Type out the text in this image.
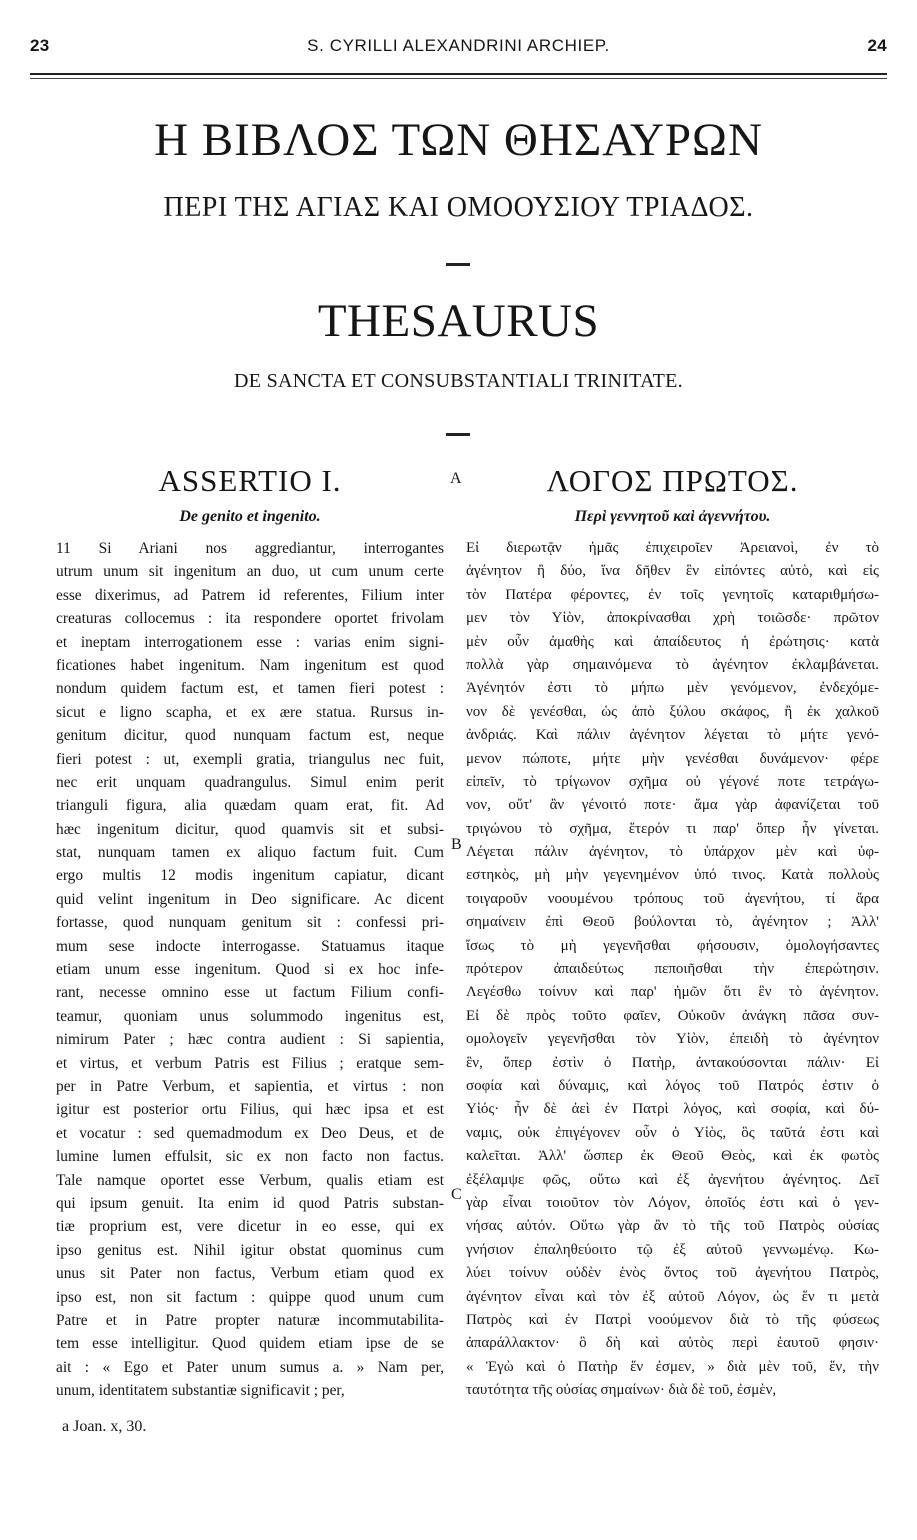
23	S. CYRILLI ALEXANDRINI ARCHIEP.	24
Η ΒΙΒΛΟΣ ΤΩΝ ΘΗΣΑΥΡΩΝ
ΠΕΡΙ ΤΗΣ ΑΓΙΑΣ ΚΑΙ ΟΜΟΟΥΣΙΟΥ ΤΡΙΑΔΟΣ.
THESAURUS
DE SANCTA ET CONSUBSTANTIALI TRINITATE.
ASSERTIO I.
De genito et ingenito.
ΛΟΓΟΣ ΠΡΩΤΟΣ.
Περὶ γεννητοῦ καὶ ἀγεννήτου.
A
B
C
11 Si Ariani nos aggrediantur, interrogantes
utrum unum sit ingenitum an duo, ut cum unum certe
esse dixerimus, ad Patrem id referentes, Filium inter
creaturas collocemus : ita respondere oportet frivolam
et ineptam interrogationem esse : varias enim signi-
ficationes habet ingenitum. Nam ingenitum est quod
nondum quidem factum est, et tamen fieri potest :
sicut e ligno scapha, et ex ære statua. Rursus in-
genitum dicitur, quod nunquam factum est, neque
fieri potest : ut, exempli gratia, triangulus nec fuit,
nec erit unquam quadrangulus. Simul enim perit
trianguli figura, alia quædam quam erat, fit. Ad
hæc ingenitum dicitur, quod quamvis sit et subsi-
stat, nunquam tamen ex aliquo factum fuit. Cum
ergo multis 12 modis ingenitum capiatur, dicant
quid velint ingenitum in Deo significare. Ac dicent
fortasse, quod nunquam genitum sit : confessi pri-
mum sese indocte interrogasse. Statuamus itaque
etiam unum esse ingenitum. Quod si ex hoc infe-
rant, necesse omnino esse ut factum Filium confi-
teamur, quoniam unus solummodo ingenitus est,
nimirum Pater ; hæc contra audient : Si sapientia,
et virtus, et verbum Patris est Filius ; eratque sem-
per in Patre Verbum, et sapientia, et virtus : non
igitur est posterior ortu Filius, qui hæc ipsa et est
et vocatur : sed quemadmodum ex Deo Deus, et de
lumine lumen effulsit, sic ex non facto non factus.
Tale namque oportet esse Verbum, qualis etiam est
qui ipsum genuit. Ita enim id quod Patris substan-
tiæ proprium est, vere dicetur in eo esse, qui ex
ipso genitus est. Nihil igitur obstat quominus cum
unus sit Pater non factus, Verbum etiam quod ex
ipso est, non sit factum : quippe quod unum cum
Patre et in Patre propter naturæ incommutabilita-
tem esse intelligitur. Quod quidem etiam ipse de se
ait : « Ego et Pater unum sumus a. » Nam per,
unum, identitatem substantiæ significavit ; per,
Εἰ διερωτᾷν ἡμᾶς ἐπιχειροῖεν Ἀρειανοὶ, ἐν τὸ
ἀγένητον ἢ δύο, ἵνα δῆθεν ἓν εἰπόντες αὐτὸ, καὶ εἰς
τὸν Πατέρα φέροντες, ἐν τοῖς γενητοῖς καταριθμήσω-
μεν τὸν Υἱὸν, ἀποκρίνασθαι χρὴ τοιῶσδε· πρῶτον
μὲν οὖν ἀμαθὴς καὶ ἀπαίδευτος ἡ ἐρώτησις· κατὰ
πολλὰ γὰρ σημαινόμενα τὸ ἀγένητον ἐκλαμβάνεται.
Ἀγένητόν ἐστι τὸ μήπω μὲν γενόμενον, ἐνδεχόμε-
νον δὲ γενέσθαι, ὡς ἀπὸ ξύλου σκάφος, ἢ ἐκ χαλκοῦ
ἀνδριάς. Καὶ πάλιν ἀγένητον λέγεται τὸ μήτε γενό-
μενον πώποτε, μήτε μὴν γενέσθαι δυνάμενον· φέρε
εἰπεῖν, τὸ τρίγωνον σχῆμα οὐ γέγονέ ποτε τετράγω-
νον, οὔτ' ἂν γένοιτό ποτε· ἅμα γὰρ ἀφανίζεται τοῦ
τριγώνου τὸ σχῆμα, ἕτερόν τι παρ' ὅπερ ἦν γίνεται.
Λέγεται πάλιν ἀγένητον, τὸ ὑπάρχον μὲν καὶ ὑφ-
εστηκὸς, μὴ μὴν γεγενημένον ὑπό τινος. Κατὰ πολλοὺς
τοιγαροῦν νοουμένου τρόπους τοῦ ἀγενήτου, τί ἄρα
σημαίνειν ἐπὶ Θεοῦ βούλονται τὸ, ἀγένητον ; Ἀλλ'
ἴσως τὸ μὴ γεγενῆσθαι φήσουσιν, ὁμολογήσαντες
πρότερον ἀπαιδεύτως πεποιῆσθαι τὴν ἐπερώτησιν.
Λεγέσθω τοίνυν καὶ παρ' ἡμῶν ὅτι ἓν τὸ ἀγένητον.
Εἰ δὲ πρὸς τοῦτο φαῖεν, Οὐκοῦν ἀνάγκη πᾶσα συν-
ομολογεῖν γεγενῆσθαι τὸν Υἱὸν, ἐπειδὴ τὸ ἀγένητον
ἓν, ὅπερ ἐστὶν ὁ Πατὴρ, ἀντακούσονται πάλιν· Εἰ
σοφία καὶ δύναμις, καὶ λόγος τοῦ Πατρός ἐστιν ὁ
Υἱός· ἦν δὲ ἀεὶ ἐν Πατρὶ λόγος, καὶ σοφία, καὶ δύ-
ναμις, οὐκ ἐπιγέγονεν οὖν ὁ Υἱὸς, ὃς ταῦτά ἐστι καὶ
καλεῖται. Ἀλλ' ὥσπερ ἐκ Θεοῦ Θεὸς, καὶ ἐκ φωτὸς
ἐξέλαμψε φῶς, οὕτω καὶ ἐξ ἀγενήτου ἀγένητος. Δεῖ
γὰρ εἶναι τοιοῦτον τὸν Λόγον, ὁποῖός ἐστι καὶ ὁ γεν-
νήσας αὐτόν. Οὕτω γὰρ ἂν τὸ τῆς τοῦ Πατρὸς οὐσίας
γνήσιον ἐπαληθεύοιτο τῷ ἐξ αὐτοῦ γεννωμένῳ. Κω-
λύει τοίνυν οὐδὲν ἑνὸς ὄντος τοῦ ἀγενήτου Πατρὸς,
ἀγένητον εἶναι καὶ τὸν ἐξ αὐτοῦ Λόγον, ὡς ἕν τι μετὰ
Πατρὸς καὶ ἐν Πατρὶ νοούμενον διὰ τὸ τῆς φύσεως
ἀπαράλλακτον· ὃ δὴ καὶ αὐτὸς περὶ ἑαυτοῦ φησιν·
« Ἐγὼ καὶ ὁ Πατὴρ ἕν ἐσμεν, » διὰ μὲν τοῦ, ἕν, τὴν
ταυτότητα τῆς οὐσίας σημαίνων· διὰ δὲ τοῦ, ἐσμὲν,
a Joan. x, 30.
